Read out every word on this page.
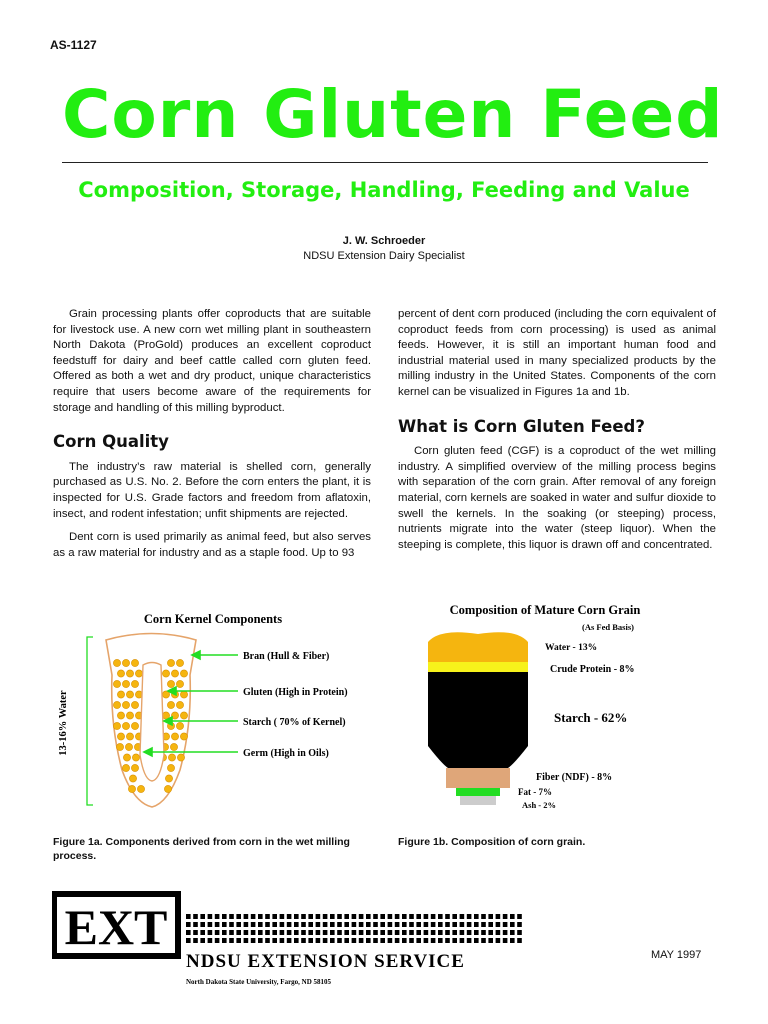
AS-1127
Corn Gluten Feed
Composition, Storage, Handling, Feeding and Value
J. W. Schroeder
NDSU Extension Dairy Specialist

Grain processing plants offer coproducts that are suitable for livestock use. A new corn wet milling plant in southeastern North Dakota (ProGold) produces an excellent coproduct feedstuff for dairy and beef cattle called corn gluten feed. Offered as both a wet and dry product, unique characteristics require that users become aware of the requirements for storage and handling of this milling byproduct.

Corn Quality

The industry’s raw material is shelled corn, generally purchased as U.S. No. 2. Before the corn enters the plant, it is inspected for U.S. Grade factors and freedom from aflatoxin, insect, and rodent infestation; unfit shipments are rejected.

Dent corn is used primarily as animal feed, but also serves as a raw material for industry and as a staple food. Up to 93

percent of dent corn produced (including the corn equivalent of coproduct feeds from corn processing) is used as animal feeds. However, it is still an important human food and industrial material used in many specialized products by the milling industry in the United States. Components of the corn kernel can be visualized in Figures 1a and 1b.

What is Corn Gluten Feed?

Corn gluten feed (CGF) is a coproduct of the wet milling industry. A simplified overview of the milling process begins with separation of the corn grain. After removal of any foreign material, corn kernels are soaked in water and sulfur dioxide to swell the kernels. In the soaking (or steeping) process, nutrients migrate into the water (steep liquor). When the steeping is complete, this liquor is drawn off and concentrated.

Corn Kernel Components
13-16% Water
Bran (Hull & Fiber)
Gluten (High in Protein)
Starch ( 70% of Kernel)
Germ (High in Oils)
Composition of Mature Corn Grain
(As Fed Basis)
Water - 13%
Crude Protein - 8%
Starch - 62%
Fiber (NDF) - 8%
Fat - 7%
Ash - 2%
Figure 1a. Components derived from corn in the wet milling process.
Figure 1b. Composition of corn grain.
EXT
NDSU EXTENSION SERVICE
North Dakota State University, Fargo, ND 58105
MAY 1997
